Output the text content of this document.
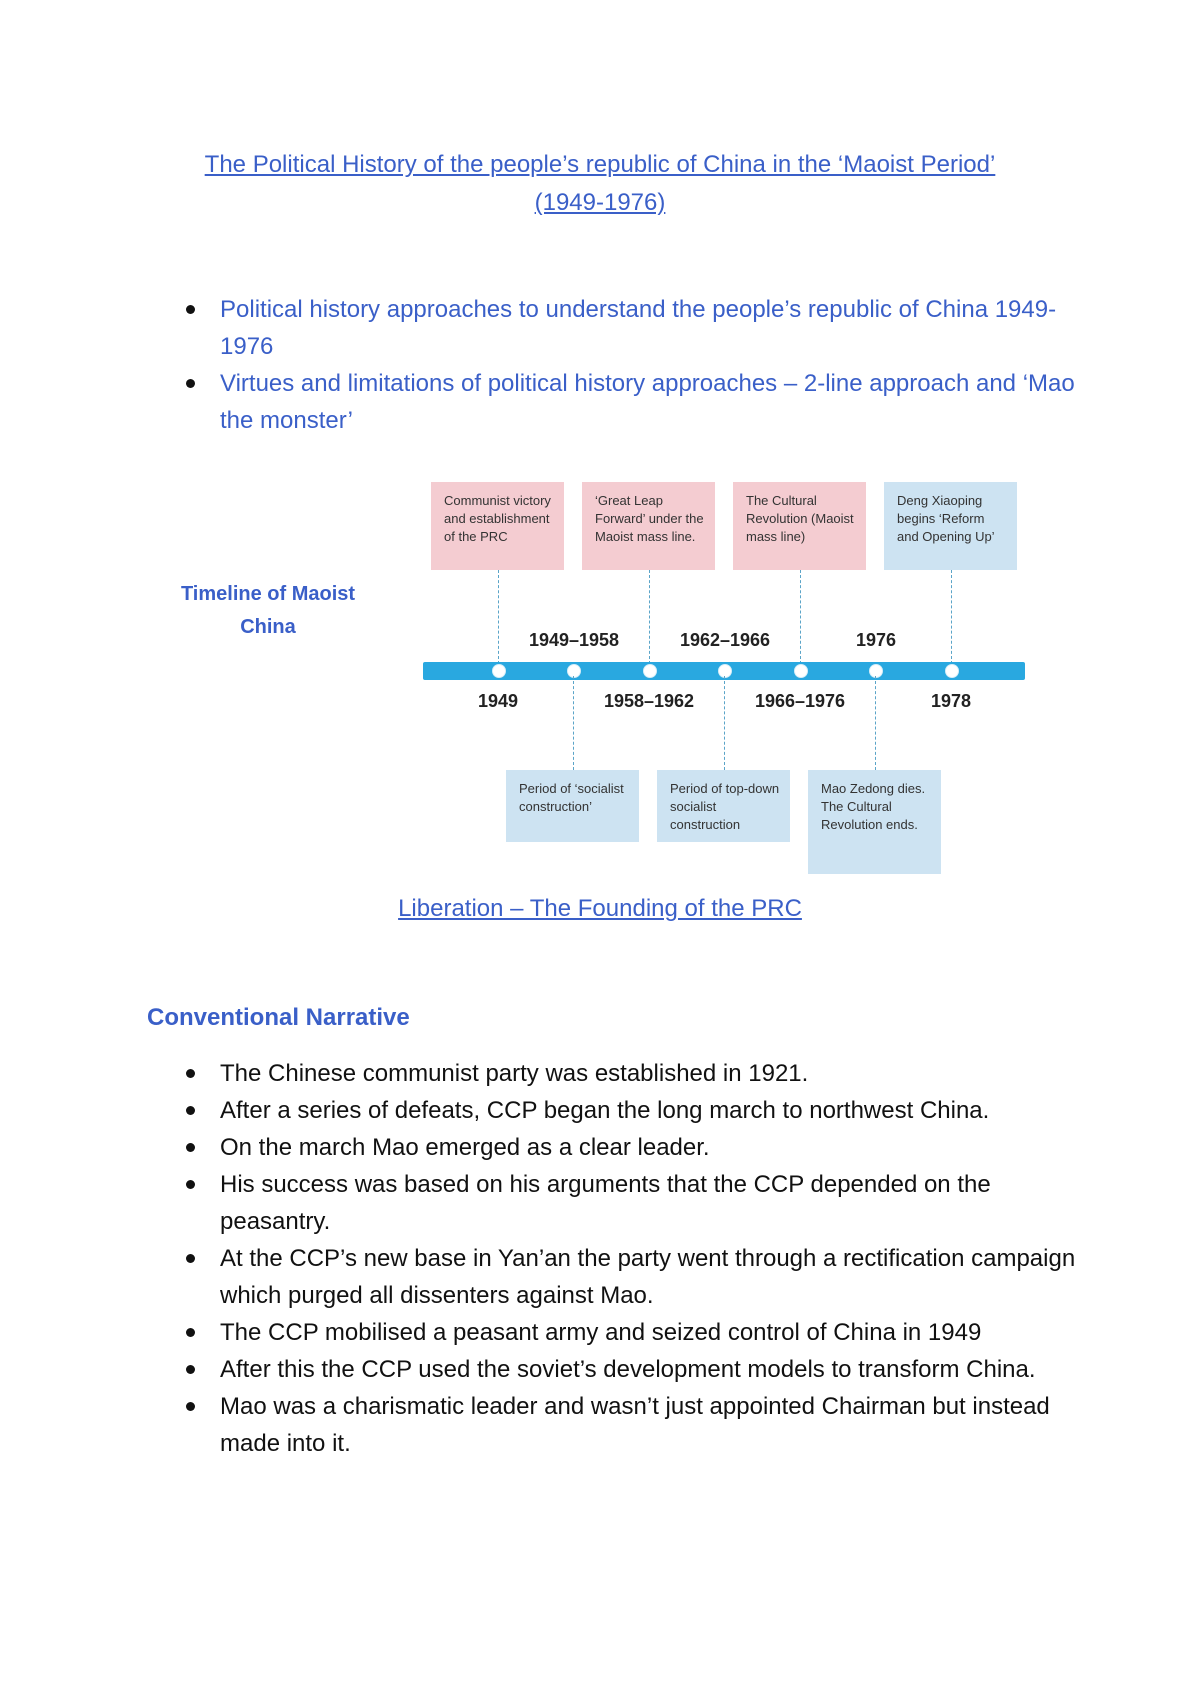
The Political History of the people’s republic of China in the ‘Maoist Period’
(1949-1976)
Political history approaches to understand the people’s republic of China 1949-1976
Virtues and limitations of political history approaches – 2-line approach and ‘Mao the monster’
Timeline of Maoist China
Communist victory and establishment of the PRC
‘Great Leap Forward’ under the Maoist mass line.
The Cultural Revolution (Maoist mass line)
Deng Xiaoping begins ‘Reform and Opening Up’
1949–1958	1962–1966	1976
1949	1958–1962	1966–1976	1978
Period of ‘socialist construction’
Period of top-down socialist construction
Mao Zedong dies. The Cultural Revolution ends.
Liberation – The Founding of the PRC
Conventional Narrative
The Chinese communist party was established in 1921.
After a series of defeats, CCP began the long march to northwest China.
On the march Mao emerged as a clear leader.
His success was based on his arguments that the CCP depended on the peasantry.
At the CCP’s new base in Yan’an the party went through a rectification campaign which purged all dissenters against Mao.
The CCP mobilised a peasant army and seized control of China in 1949
After this the CCP used the soviet’s development models to transform China.
Mao was a charismatic leader and wasn’t just appointed Chairman but instead made into it.
